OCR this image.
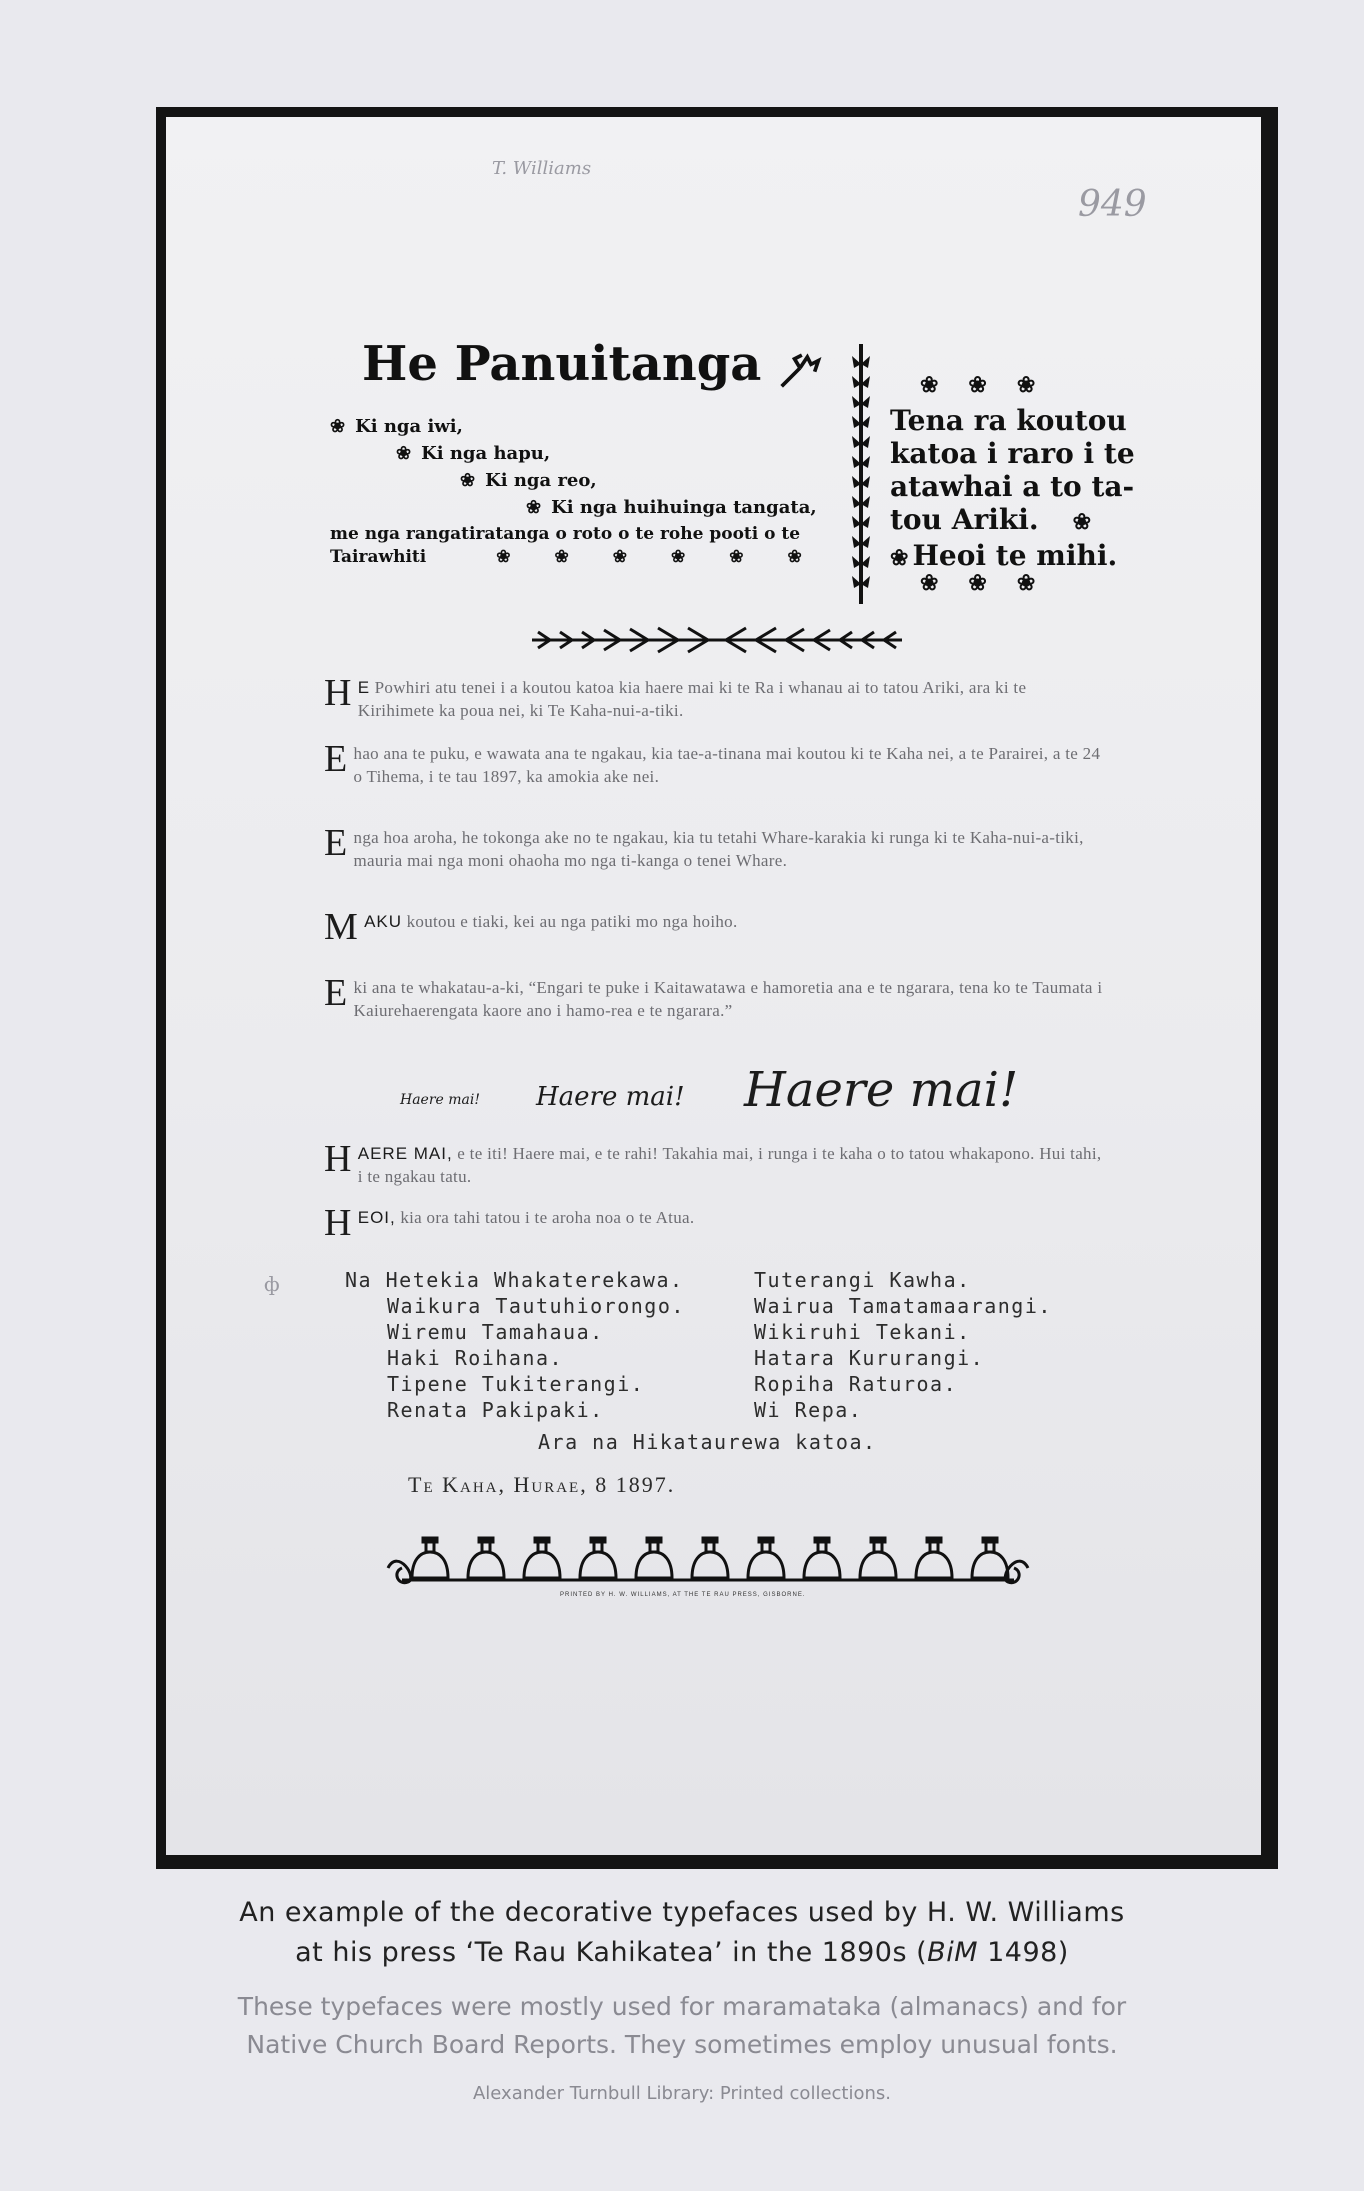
T. Williams
949
He Panuitanga
❀ Ki nga iwi,
❀ Ki nga hapu,
❀ Ki nga reo,
❀ Ki nga huihuinga tangata,
me nga rangatiratanga o roto o te rohe pooti o te
Tairawhiti	❀❀❀❀❀❀
❀❀❀
Tena ra koutou
katoa i raro i te
atawhai a to ta-
tou Ariki. ❀
❀ Heoi te mihi.
❀❀❀
H E Powhiri atu tenei i a koutou katoa kia haere mai ki te Ra i whanau ai to tatou Ariki, ara ki te Kirihimete ka poua nei, ki Te Kaha-nui-a-tiki.
Ehao ana te puku, e wawata ana te ngakau, kia tae-a-tinana mai koutou ki te Kaha nei, a te Parairei, a te 24 o Tihema, i te tau 1897, ka amokia ake nei.
Enga hoa aroha, he tokonga ake no te ngakau, kia tu tetahi Whare-karakia ki runga ki te Kaha-nui-a-tiki, mauria mai nga moni ohaoha mo nga ti-kanga o tenei Whare.
MAKU koutou e tiaki, kei au nga patiki mo nga hoiho.
Eki ana te whakatau-a-ki, “Engari te puke i Kaitawatawa e hamoretia ana e te ngarara, tena ko te Taumata i Kaiurehaerengata kaore ano i hamo-rea e te ngarara.”
Haere mai! Haere mai! Haere mai!
HAERE MAI, e te iti! Haere mai, e te rahi! Takahia mai, i runga i te kaha o to tatou whakapono. Hui tahi, i te ngakau tatu.
HEOI, kia ora tahi tatou i te aroha noa o te Atua.
ф	Na Hetekia Whakaterekawa.
Waikura Tautuhiorongo.
Wiremu Tamahaua.
Haki Roihana.
Tipene Tukiterangi.
Renata Pakipaki.
Tuterangi Kawha.
Wairua Tamatamaarangi.
Wikiruhi Tekani.
Hatara Kururangi.
Ropiha Raturoa.
Wi Repa.
Ara na Hikataurewa katoa.
Te Kaha, Hurae, 8 1897.
PRINTED BY H. W. WILLIAMS, AT THE TE RAU PRESS, GISBORNE.
An example of the decorative typefaces used by H. W. Williams
at his press ‘Te Rau Kahikatea’ in the 1890s (BiM 1498)
These typefaces were mostly used for maramataka (almanacs) and for
Native Church Board Reports. They sometimes employ unusual fonts.
Alexander Turnbull Library: Printed collections.
